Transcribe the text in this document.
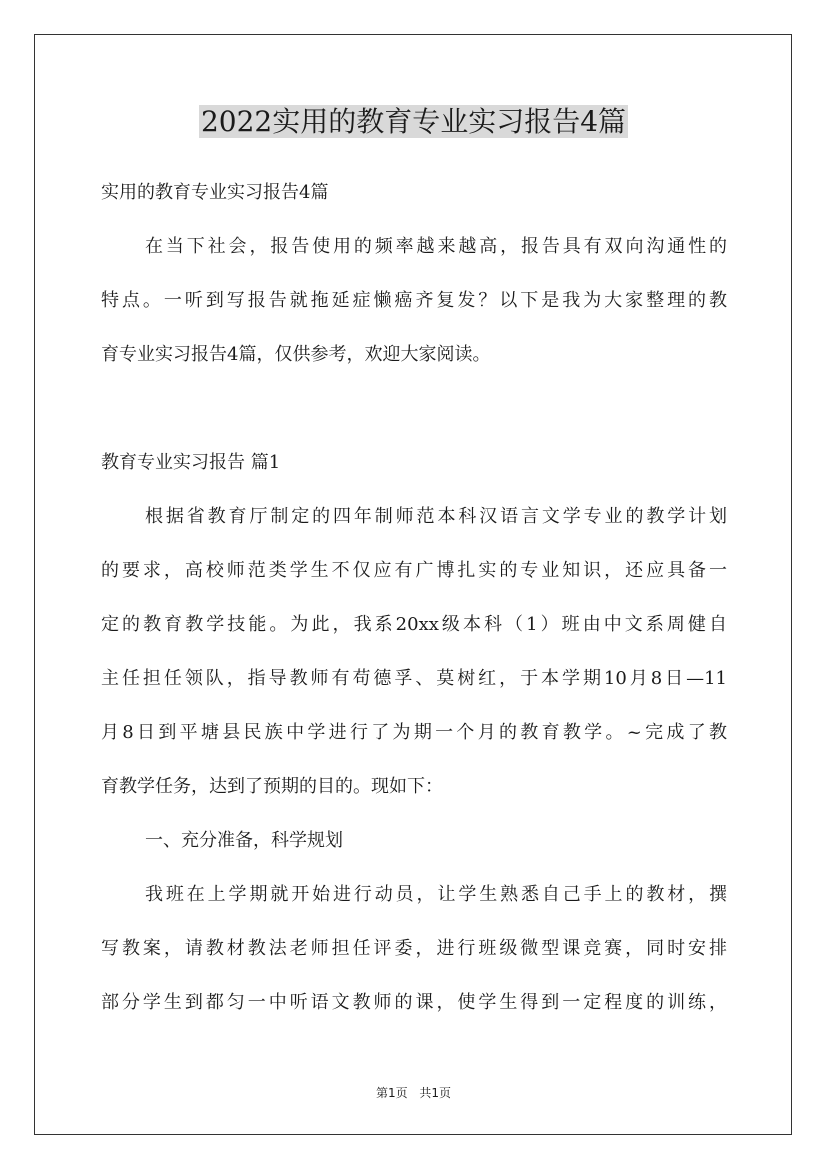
2022实用的教育专业实习报告4篇
实用的教育专业实习报告4篇
在当下社会，报告使用的频率越来越高，报告具有双向沟通性的
特点。一听到写报告就拖延症懒癌齐复发？以下是我为大家整理的教
育专业实习报告4篇，仅供参考，欢迎大家阅读。
教育专业实习报告 篇1
根据省教育厅制定的四年制师范本科汉语言文学专业的教学计划
的要求，高校师范类学生不仅应有广博扎实的专业知识，还应具备一
定的教育教学技能。为此，我系20xx级本科（1）班由中文系周健自
主任担任领队，指导教师有苟德孚、莫树红，于本学期10月8日—11
月8日到平塘县民族中学进行了为期一个月的教育教学。~完成了教
育教学任务，达到了预期的目的。现如下：
一、充分准备，科学规划
我班在上学期就开始进行动员，让学生熟悉自己手上的教材，撰
写教案，请教材教法老师担任评委，进行班级微型课竞赛，同时安排
部分学生到都匀一中听语文教师的课，使学生得到一定程度的训练，
第1页 共1页
